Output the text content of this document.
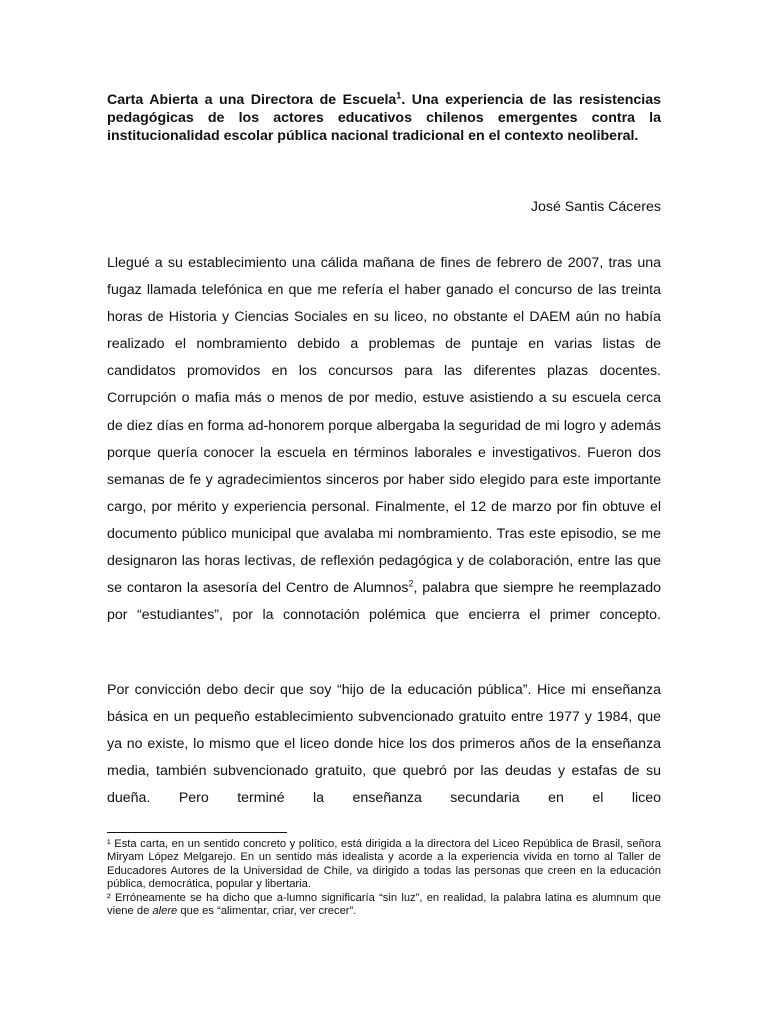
Carta Abierta a una Directora de Escuela$^1$. Una experiencia de las resistencias pedagógicas de los actores educativos chilenos emergentes contra la institucionalidad escolar pública nacional tradicional en el contexto neoliberal.

José Santis Cáceres

Llegué a su establecimiento una cálida mañana de fines de febrero de 2007, tras una fugaz llamada telefónica en que me refería el haber ganado el concurso de las treinta horas de Historia y Ciencias Sociales en su liceo, no obstante el DAEM aún no había realizado el nombramiento debido a problemas de puntaje en varias listas de candidatos promovidos en los concursos para las diferentes plazas docentes. Corrupción o mafia más o menos de por medio, estuve asistiendo a su escuela cerca de diez días en forma ad-honorem porque albergaba la seguridad de mi logro y además porque quería conocer la escuela en términos laborales e investigativos. Fueron dos semanas de fe y agradecimientos sinceros por haber sido elegido para este importante cargo, por mérito y experiencia personal. Finalmente, el 12 de marzo por fin obtuve el documento público municipal que avalaba mi nombramiento. Tras este episodio, se me designaron las horas lectivas, de reflexión pedagógica y de colaboración, entre las que se contaron la asesoría del Centro de Alumnos$^2$, palabra que siempre he reemplazado por “estudiantes”, por la connotación polémica que encierra el primer concepto.

Por convicción debo decir que soy “hijo de la educación pública”. Hice mi enseñanza básica en un pequeño establecimiento subvencionado gratuito entre 1977 y 1984, que ya no existe, lo mismo que el liceo donde hice los dos primeros años de la enseñanza media, también subvencionado gratuito, que quebró por las deudas y estafas de su dueña. Pero terminé la enseñanza secundaria en el liceo

¹ Esta carta, en un sentido concreto y político, está dirigida a la directora del Liceo República de Brasil, señora Miryam López Melgarejo. En un sentido más idealista y acorde a la experiencia vivida en torno al Taller de Educadores Autores de la Universidad de Chile, va dirigido a todas las personas que creen en la educación pública, democrática, popular y libertaria.

² Erróneamente se ha dicho que a-lumno significaría “sin luz”, en realidad, la palabra latina es alumnum que viene de alere que es “alimentar, criar, ver crecer”.
